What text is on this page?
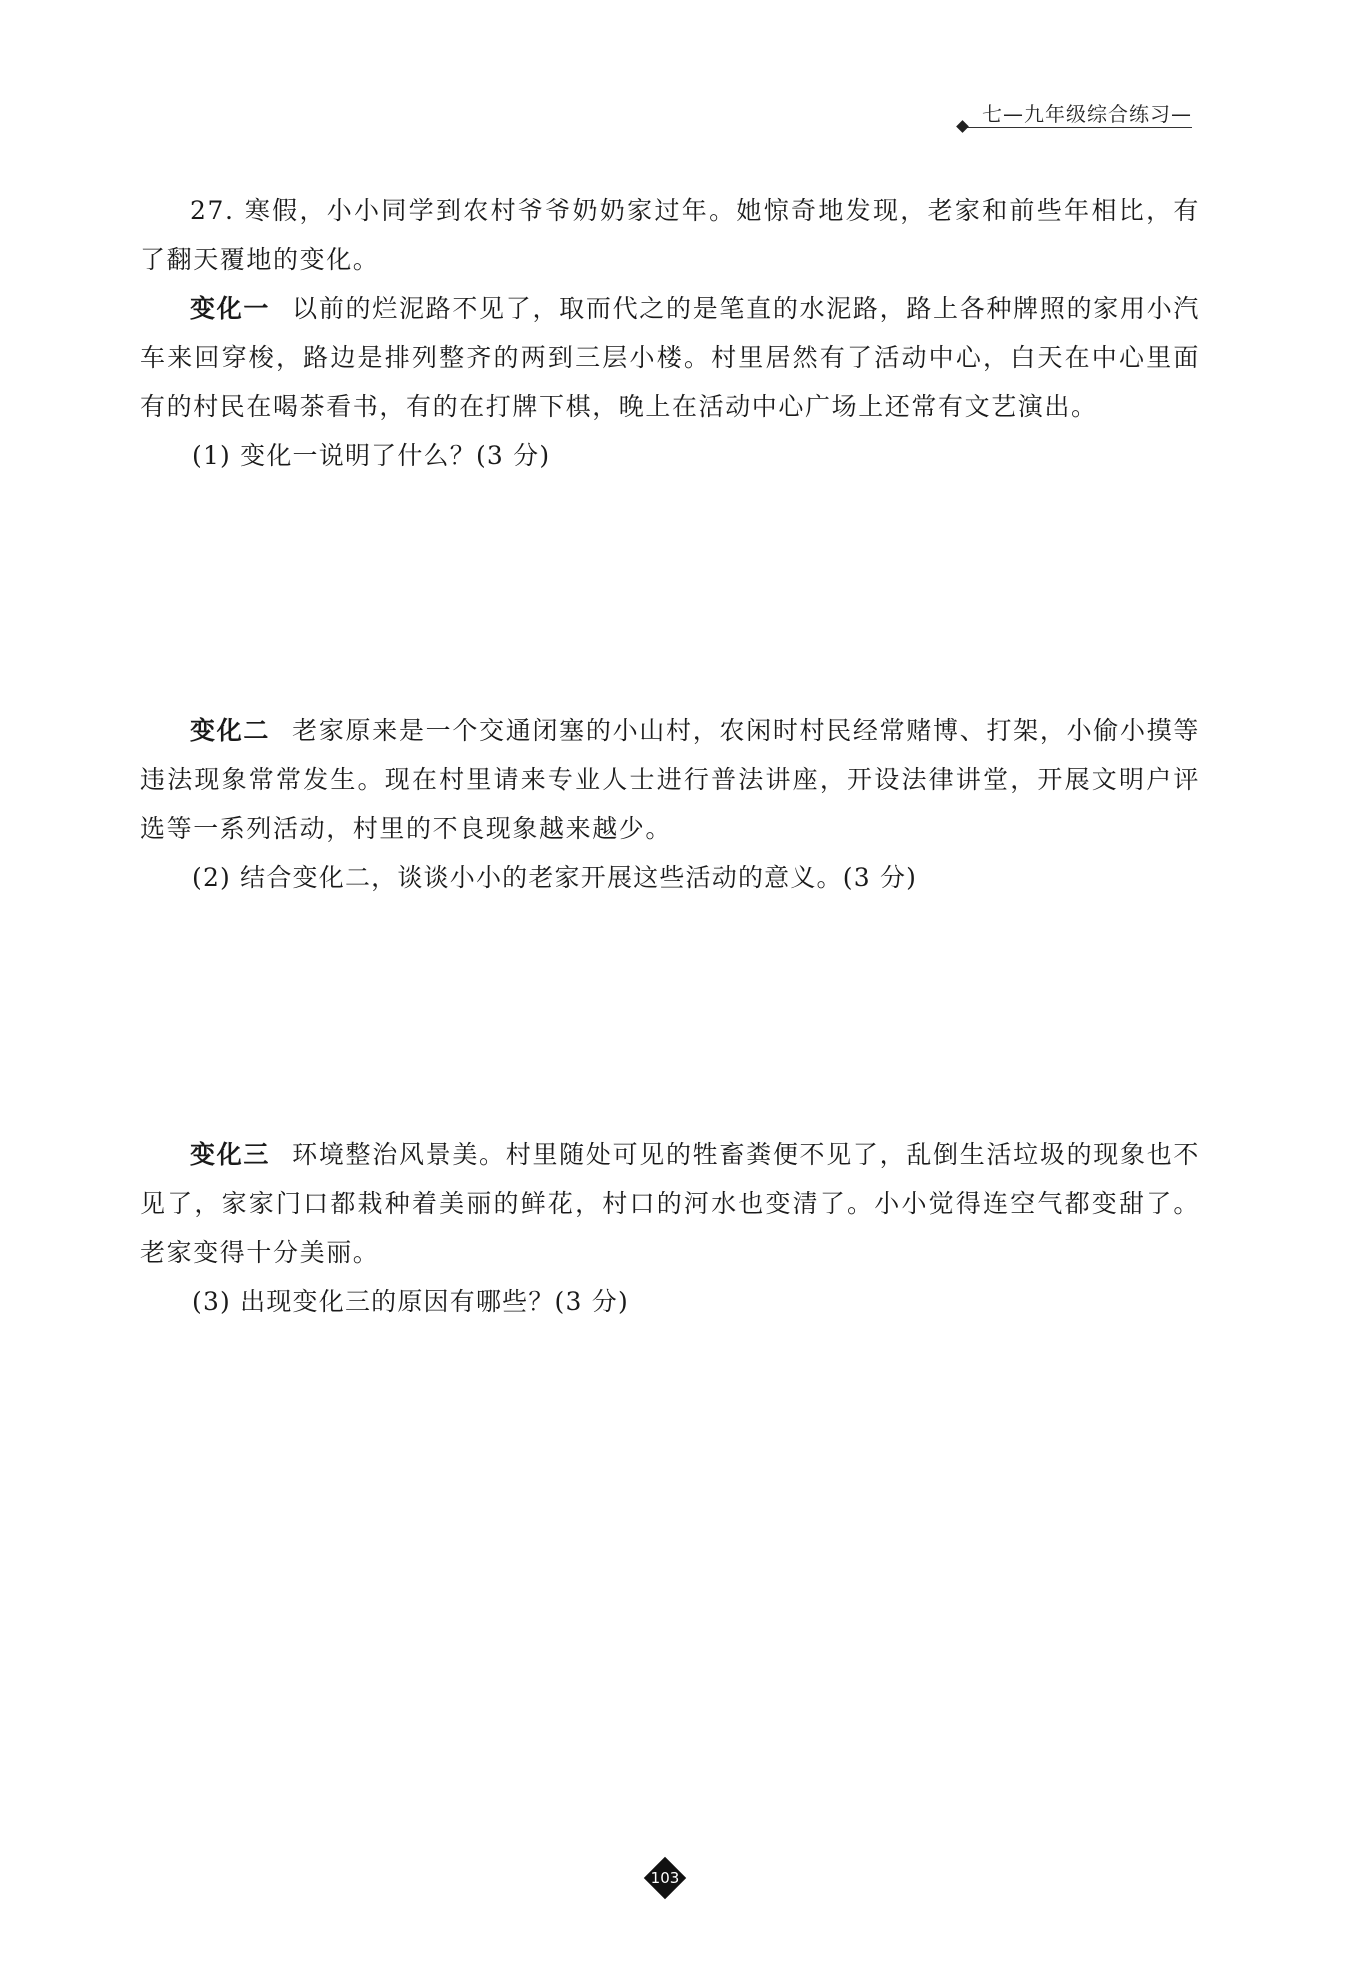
七—九年级综合练习—

27. 寒假，小小同学到农村爷爷奶奶家过年。她惊奇地发现，老家和前些年相比，有了翻天覆地的变化。

变化一 以前的烂泥路不见了，取而代之的是笔直的水泥路，路上各种牌照的家用小汽车来回穿梭，路边是排列整齐的两到三层小楼。村里居然有了活动中心，白天在中心里面有的村民在喝茶看书，有的在打牌下棋，晚上在活动中心广场上还常有文艺演出。

(1) 变化一说明了什么？(3 分)

变化二 老家原来是一个交通闭塞的小山村，农闲时村民经常赌博、打架，小偷小摸等违法现象常常发生。现在村里请来专业人士进行普法讲座，开设法律讲堂，开展文明户评选等一系列活动，村里的不良现象越来越少。

(2) 结合变化二，谈谈小小的老家开展这些活动的意义。(3 分)

变化三 环境整治风景美。村里随处可见的牲畜粪便不见了，乱倒生活垃圾的现象也不见了，家家门口都栽种着美丽的鲜花，村口的河水也变清了。小小觉得连空气都变甜了。老家变得十分美丽。

(3) 出现变化三的原因有哪些？(3 分)

103
